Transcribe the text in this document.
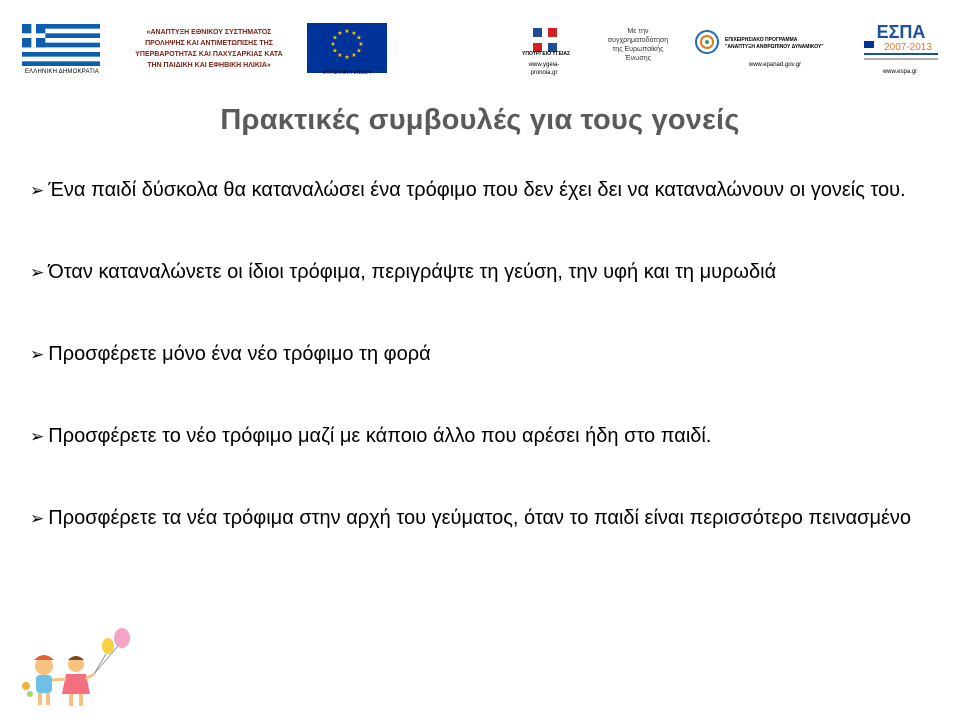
ΕΛΛΗΝΙΚΗ ΔΗΜΟΚΡΑΤΙΑ
«ΑΝΑΠΤΥΞΗ ΕΘΝΙΚΟΥ ΣΥΣΤΗΜΑΤΟΣ
ΠΡΟΛΗΨΗΣ ΚΑΙ ΑΝΤΙΜΕΤΩΠΙΣΗΣ ΤΗΣ
ΥΠΕΡΒΑΡΟΤΗΤΑΣ ΚΑΙ ΠΑΧΥΣΑΡΚΙΑΣ ΚΑΤΑ
ΤΗΝ ΠΑΙΔΙΚΗ ΚΑΙ ΕΦΗΒΙΚΗ ΗΛΙΚΙΑ»
★ ★
★
★
★
★
★
★
★
★
★
★
ΕΥΡΩΠΑΪΚΗ ΕΝΩΣΗ
ΥΠΟΥΡΓΕΙΟ ΥΓΕΙΑΣ
www.ygeia-
pronoia.gr
Με την
συγχρηματοδότηση
της Ευρωπαϊκής
Ένωσης
ΕΠΙΧΕΙΡΗΣΙΑΚΟ ΠΡΟΓΡΑΜΜΑ
"ΑΝΑΠΤΥΞΗ ΑΝΘΡΩΠΙΝΟΥ ΔΥΝΑΜΙΚΟΥ"
www.epanad.gov.gr
ΕΣΠΑ
2007-2013
www.espa.gr
Πρακτικές συμβουλές για τους γονείς
➢ Ένα παιδί δύσκολα θα καταναλώσει ένα τρόφιμο που δεν έχει δει να καταναλώνουν οι γονείς του.
➢ Όταν καταναλώνετε οι ίδιοι τρόφιμα, περιγράψτε τη γεύση, την υφή και τη μυρωδιά
➢ Προσφέρετε μόνο ένα νέο τρόφιμο τη φορά
➢ Προσφέρετε το νέο τρόφιμο μαζί με κάποιο άλλο που αρέσει ήδη στο παιδί.
➢ Προσφέρετε τα νέα τρόφιμα στην αρχή του γεύματος, όταν το παιδί είναι περισσότερο πεινασμένο
